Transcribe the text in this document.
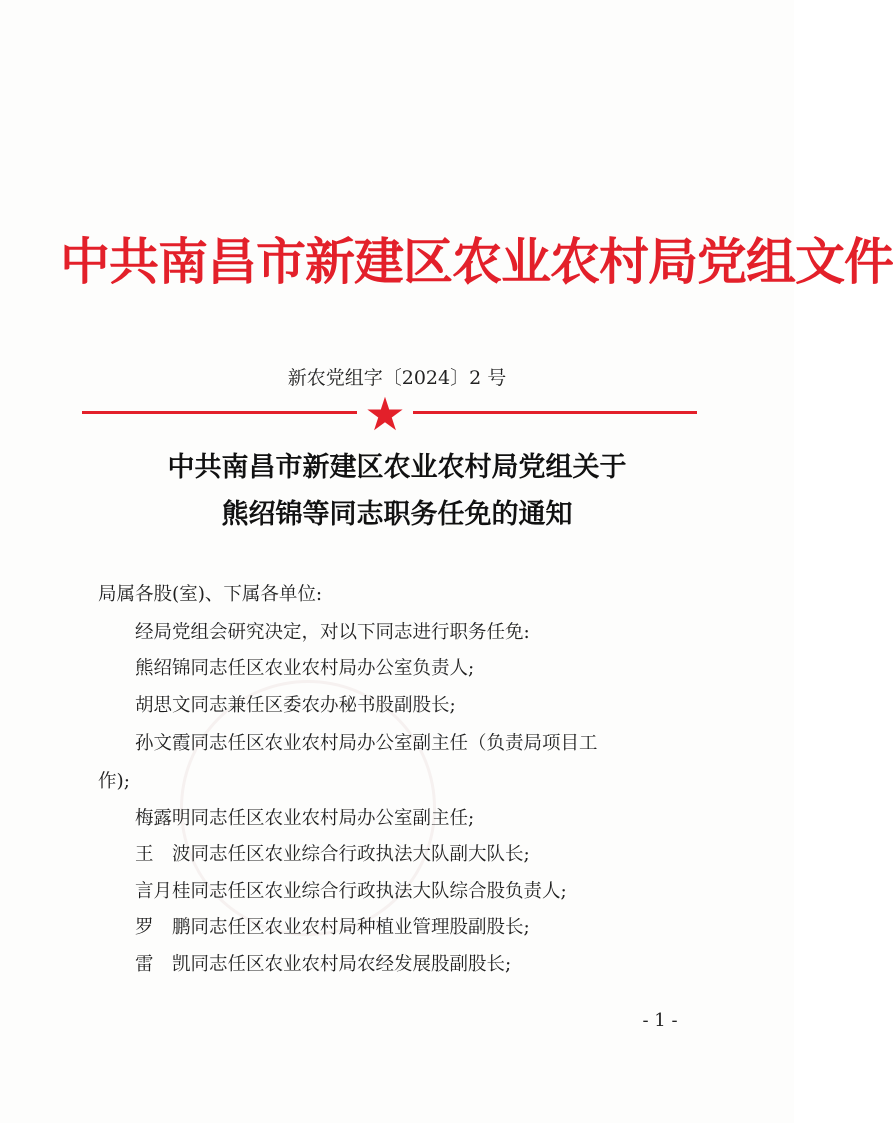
中共南昌市新建区农业农村局党组文件
新农党组字〔2024〕2 号
★
中共南昌市新建区农业农村局党组关于
熊绍锦等同志职务任免的通知
局属各股(室)、下属各单位:
经局党组会研究决定，对以下同志进行职务任免:
熊绍锦同志任区农业农村局办公室负责人;
胡思文同志兼任区委农办秘书股副股长;
孙文霞同志任区农业农村局办公室副主任（负责局项目工
作);
梅露明同志任区农业农村局办公室副主任;
王　波同志任区农业综合行政执法大队副大队长;
言月桂同志任区农业综合行政执法大队综合股负责人;
罗　鹏同志任区农业农村局种植业管理股副股长;
雷　凯同志任区农业农村局农经发展股副股长;
- 1 -
